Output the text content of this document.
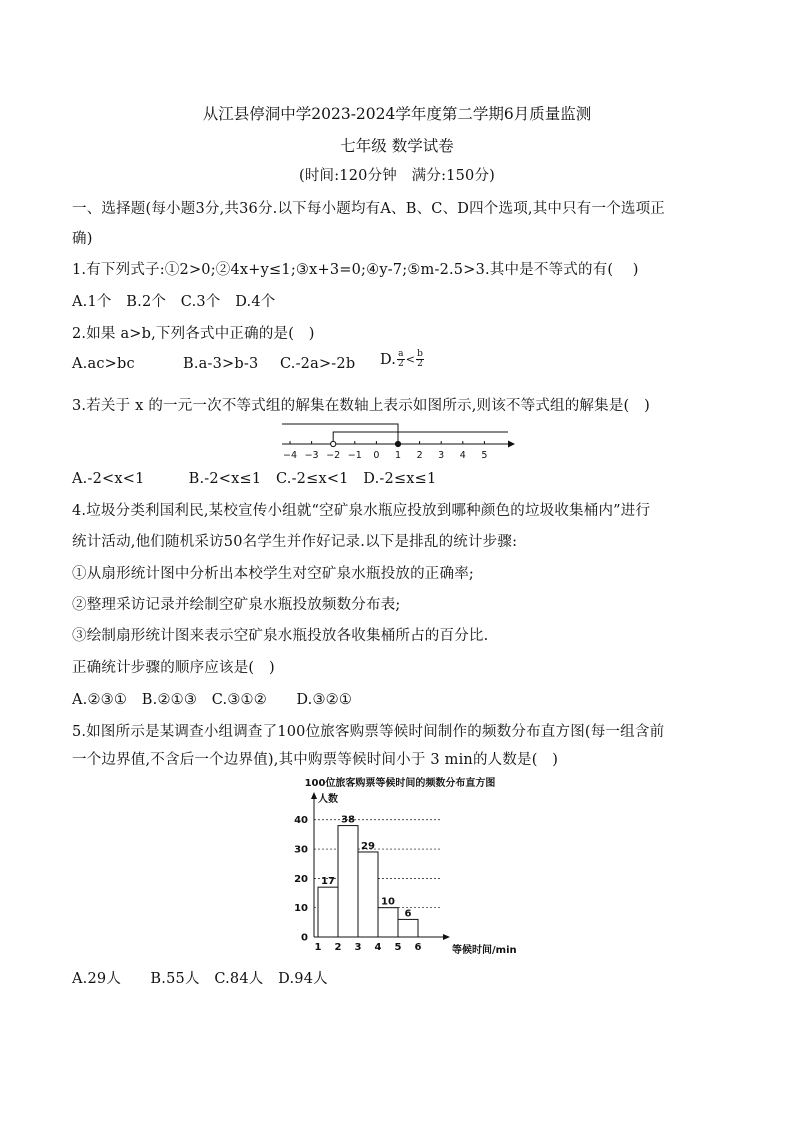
从江县停洞中学2023-2024学年度第二学期6月质量监测
七年级 数学试卷
(时间:120分钟　满分:150分)
一、选择题(每小题3分,共36分.以下每小题均有A、B、C、D四个选项,其中只有一个选项正
确)
1.有下列式子:①2>0;②4x+y≤1;③x+3=0;④y-7;⑤m-2.5>3.其中是不等式的有(　 )
A.1个　B.2个　C.3个　D.4个
2.如果 a>b,下列各式中正确的是(　)
A.ac>bc	B.a-3>b-3 C.-2a>-2b D. $\frac{a}{2} < \frac{b}{2}$
3.若关于 x 的一元一次不等式组的解集在数轴上表示如图所示,则该不等式组的解集是(　)
−4 −3 −2 −1 0 1 2 3 4 5
A.-2<x<1　　　B.-2<x≤1　C.-2≤x<1　D.-2≤x≤1
4.垃圾分类利国利民,某校宣传小组就“空矿泉水瓶应投放到哪种颜色的垃圾收集桶内”进行
统计活动,他们随机采访50名学生并作好记录.以下是排乱的统计步骤:
①从扇形统计图中分析出本校学生对空矿泉水瓶投放的正确率;
②整理采访记录并绘制空矿泉水瓶投放频数分布表;
③绘制扇形统计图来表示空矿泉水瓶投放各收集桶所占的百分比.
正确统计步骤的顺序应该是(　)
A.②③①　B.②①③　C.③①②　　D.③②①
5.如图所示是某调查小组调查了100位旅客购票等候时间制作的频数分布直方图(每一组含前
一个边界值,不含后一个边界值),其中购票等候时间小于 3 min的人数是(　)
100位旅客购票等候时间的频数分布直方图
0
10
20
30
40
人数
17
38
29
10
6
1 2 3 4 5 6	等候时间/min
A.29人　　B.55人　C.84人　D.94人
